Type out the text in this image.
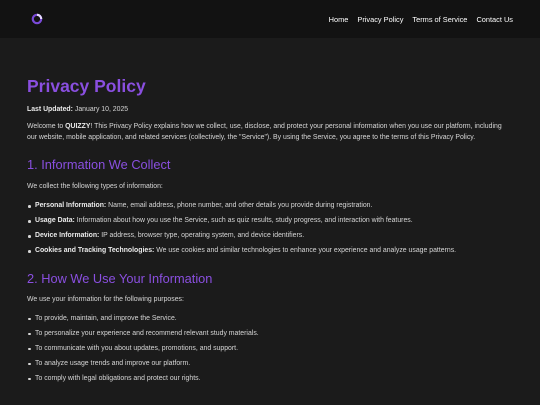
Home Privacy Policy Terms of Service Contact Us
Privacy Policy

Last Updated: January 10, 2025

Welcome to QUIZZY! This Privacy Policy explains how we collect, use, disclose, and protect your personal information when you use our platform, including our website, mobile application, and related services (collectively, the "Service"). By using the Service, you agree to the terms of this Privacy Policy.

1. Information We Collect

We collect the following types of information:

Personal Information: Name, email address, phone number, and other details you provide during registration.
Usage Data: Information about how you use the Service, such as quiz results, study progress, and interaction with features.
Device Information: IP address, browser type, operating system, and device identifiers.
Cookies and Tracking Technologies: We use cookies and similar technologies to enhance your experience and analyze usage patterns.
2. How We Use Your Information

We use your information for the following purposes:

To provide, maintain, and improve the Service.
To personalize your experience and recommend relevant study materials.
To communicate with you about updates, promotions, and support.
To analyze usage trends and improve our platform.
To comply with legal obligations and protect our rights.
